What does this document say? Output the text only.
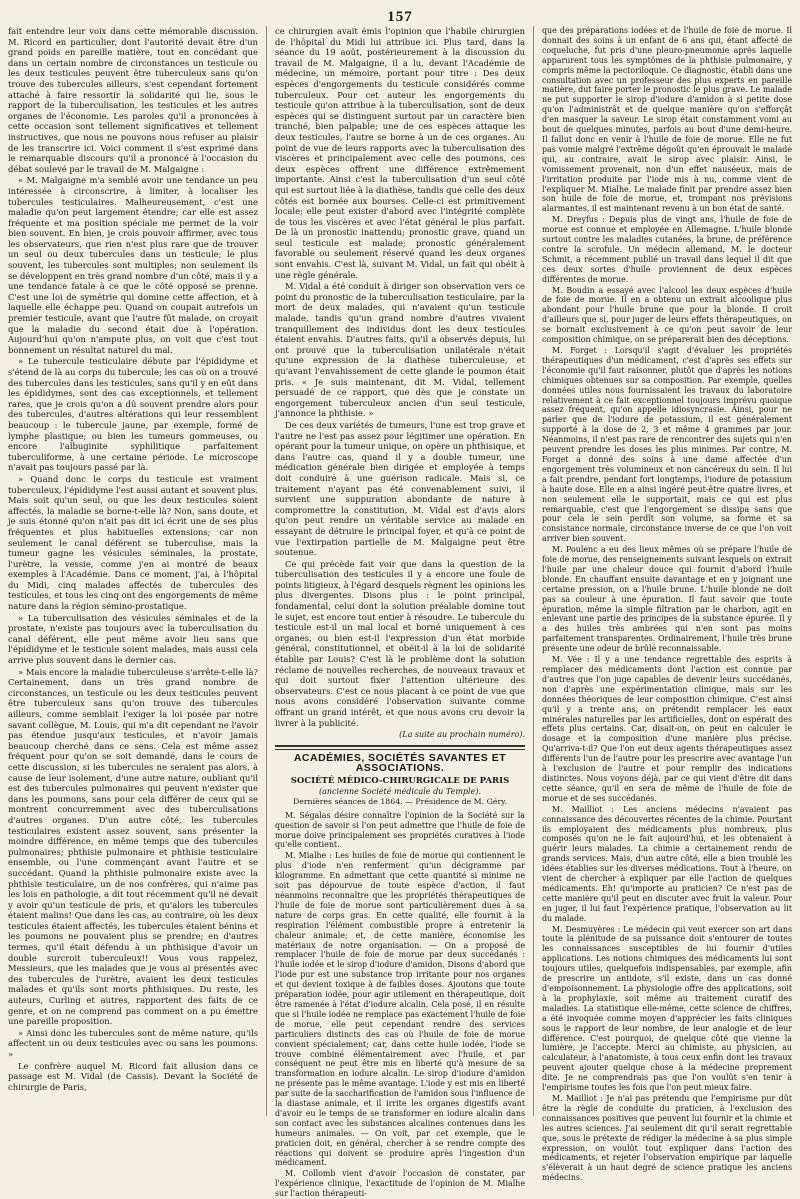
157

fait entendre leur voix dans cette mémorable discussion. M. Ricord en particulier, dont l'autorité devait être d'un grand poids en pareille matière, tout en concédant que dans un certain nombre de circonstances un testicule ou les deux testicules peuvent être tuberculeux sans qu'on trouve des tubercules ailleurs, s'est cependant fortement attaché à faire ressortir la solidarité qui lie, sous le rapport de la tuberculisation, les testicules et les autres organes de l'économie. Les paroles qu'il a prononcées à cette occasion sont tellement significatives et tellement instructives, que nous ne pouvons nous refuser au plaisir de les transcrire ici. Voici comment il s'est exprimé dans le remarquable discours qu'il a prononcé à l'occasion du débat soulevé par le travail de M. Malgaigne :

« M. Malgaigne m'a semblé avoir une tendance un peu intéressée à circonscrire, à limiter, à localiser les tubercules testiculaires. Malheureusement, c'est une maladie qu'on peut largement étendre; car elle est assez fréquente et ma position spéciale me permet de la voir bien souvent. En bien, je crois pouvoir affirmer, avec tous les observateurs, que rien n'est plus rare que de trouver un seul ou deux tubercules dans un testicule; le plus souvent, les tubercules sont multiples; non seulement ils se développent en très grand nombre d'un côté, mais il y a une tendance fatale à ce que le côté opposé se prenne. C'est une loi de symétrie qui domine cette affection, et à laquelle elle échappe peu. Quand on coupait autrefois un premier testicule, avant que l'autre fût malade, on croyait que la maladie du second était due à l'opération. Aujourd'hui qu'on n'ampute plus, on voit que c'est tout bonnement un résultat naturel du mal.

» Le tubercule testiculaire débute par l'épididyme et s'étend de là au corps du tubercule; les cas où on a trouvé des tubercules dans les testicules, sans qu'il y en eût dans les épididymes, sont des cas exceptionnels, et tellement rares, que je crois qu'on a dû souvent prendre alors pour des tubercules, d'autres altérations qui leur ressemblent beaucoup : le tubercule jaune, par exemple, formé de lymphe plastique; ou bien les tumeurs gommeuses, ou encore l'albuginite syphilitique parfaitement tuberculiforme, à une certaine période. Le microscope n'avait pas toujours passé par là.

» Quand donc le corps du testicule est vraiment tuberculeux, l'épididyme l'est aussi autant et souvent plus. Mais soit qu'un seul, ou que les deux testicules soient affectés, la maladie se borne-t-elle là? Non, sans doute, et je suis étonné qu'on n'ait pas dit ici écrit une de ses plus fréquentes et plus habituelles extensions; car non seulement le canal déférent se tuberculise, mais la tumeur gagne les vésicules séminales, la prostate, l'urètre, la vessie, comme j'en ai montré de beaux exemples à l'Académie. Dans ce moment, j'ai, à l'hôpital du Midi, cinq malades affectés de tubercules des testicules, et tous les cinq ont des engorgements de même nature dans la région sémino-prostatique.

» La tuberculisation des vésicules séminales et de la prostate, n'existe pas toujours avec la tuberculisation du canal déférent, elle peut même avoir lieu sans que l'épididyme et le testicule soient malades, mais aussi cela arrive plus souvent dans le dernier cas.

» Mais encore la maladie tuberculeuse s'arrête-t-elle là? Certainement, dans un très grand nombre de circonstances, un testicule ou les deux testicules peuvent être tuberculeux sans qu'on trouve des tubercules ailleurs, comme semblait l'exiger la loi posée par notre savant collègue, M. Louis, qui m'a dit cependant ne l'avoir pas étendue jusqu'aux testicules, et n'avoir jamais beaucoup cherché dans ce sens. Cela est même assez fréquent pour qu'on se soit demandé, dans le cours de cette discussion, si les tubercules ne seraient pas alors, à cause de leur isolement, d'une autre nature, oubliant qu'il est des tubercules pulmonaires qui peuvent n'exister que dans les poumons, sans pour cela différer de ceux qui se montrent concurremment avec des tuberculisations d'autres organes. D'un autre côté, les tubercules testiculaires existent assez souvent, sans présenter la moindre différence, en même temps que des tubercules pulmonaires; phthisie pulmonaire et phthisie testiculaire ensemble, ou l'une commençant avant l'autre et se succédant. Quand la phthisie pulmonaire existe avec la phthisie testiculaire, un de nos confrères, qui n'aime pas les lois en pathologie, a dit tout récemment qu'il ne devait y avoir qu'un testicule de pris, et qu'alors les tubercules étaient malins! Que dans les cas, au contraire, où les deux testicules étaient affectés, les tubercules étaient bénins et les poumons ne pouvaient plus se prendre; en d'autres termes, qu'il était défendu à un phthisique d'avoir un double surcroit tuberculeux!! Vous vous rappelez, Messieurs, que les malades que je vous ai présentés avec des tubercules de l'urètre, avaient les deux testicules malades et qu'ils sont morts phthisiques. Du reste, les auteurs, Curling et autres, rapportent des faits de ce genre, et on ne comprend pas comment on a pu émettre une pareille proposition.

» Ainsi donc les tubercules sont de même nature, qu'ils affectent un ou deux testicules avec ou sans les poumons. »

Le confrère auquel M. Ricord fait allusion dans ce passage est M. Vidal (de Cassis). Devant la Société de chirurgie de Paris,

ce chirurgien avait émis l'opinion que l'habile chirurgien de l'hôpital du Midi lui attribue ici. Plus tard, dans la séance du 19 août, postérieurement à la discussion du travail de M. Malgaigne, il a lu, devant l'Académie de médecine, un mémoire, portant pour titre : Des deux espèces d'engorgements du testicule considérés comme tuberculeux. Pour cet auteur les engorgements du testicule qu'on attribue à la tuberculisation, sont de deux espèces qui se distinguent surtout par un caractère bien tranché, bien palpable; une de ces espèces attaque les deux testicules, l'autre se borne à un de ces organes. Au point de vue de leurs rapports avec la tuberculisation des viscères et principalement avec celle des poumons, ces deux espèces offrent une différence extrêmement importante. Ainsi c'est la tuberculisation d'un seul côté qui est surtout liée à la diathèse, tandis que celle des deux côtés est bornée aux bourses. Celle-ci est primitivement locale; elle peut exister d'abord avec l'intégrité complète de tous les viscères et avec l'état général le plus parfait. De là un pronostic inattendu; pronostic grave, quand un seul testicule est malade; pronostic généralement favorable ou seulement réservé quand les deux organes sont envahis. C'est là, suivant M. Vidal, un fait qui obéit à une règle générale.

M. Vidal a été conduit à diriger son observation vers ce point du pronostic de la tuberculisation testiculaire, par la mort de deux malades, qui n'avaient qu'un testicule malade, tandis qu'un grand nombre d'autres vivaient tranquillement des individus dont les deux testicules étaient envahis. D'autres faits, qu'il a observés depuis, lui ont prouvé que la tuberculisation unilatérale n'était qu'une expression de la diathèse tuberculeuse, et qu'avant l'envahissement de cette glande le poumon était pris. « Je suis maintenant, dit M. Vidal, tellement persuadé de ce rapport, que dès que je constate un engorgement tuberculeux ancien d'un seul testicule, j'annonce la phthisie. »

De ces deux variétés de tumeurs, l'une est trop grave et l'autre ne l'est pas assez pour légitimer une opération. En opérant pour la tumeur unique, on opère un phthisique, et dans l'autre cas, quand il y a double tumeur, une médication générale bien dirigée et employée à temps doit conduire à une guérison radicale. Mais si, ce traitement n'ayant pas été convenablement suivi, il survient une suppuration abondante de nature à compromettre la constitution, M. Vidal est d'avis alors qu'on peut rendre un véritable service au malade en essayant de détruire le principal foyer, et qu'à ce point de vue l'extirpation partielle de M. Malgaigne peut être soutenue.

Ce qui précède fait voir que dans la question de la tuberculisation des testicules il y a encore une foule de points litigieux, à l'égard desquels règnent les opinions les plus divergentes. Disons plus : le point principal, fondamental, celui dont la solution préalable domine tout le sujet, est encore tout entier à résoudre. Le tubercule du testicule est-il un mal local et borné uniquement à ces organes, ou bien est-il l'expression d'un état morbide général, constitutionnel, et obéit-il à la loi de solidarité établie par Louis? C'est là le problème dont la solution réclame de nouvelles recherches, de nouveaux travaux et qui doit surtout fixer l'attention ultérieure des observateurs. C'est ce nous placant à ce point de vue que nous avons considéré l'observation suivante comme offrant un grand intérêt, et que nous avons cru devoir la livrer à la publicité.

(La suite au prochain numéro).
ACADÉMIES, SOCIÉTÉS SAVANTES ET ASSOCIATIONS.
SOCIÉTÉ MÉDICO-CHIRURGICALE DE PARIS
(ancienne Société médicale du Temple).
Dernières séances de 1864. — Présidence de M. Géry.

M. Ségalas désire connaître l'opinion de la Société sur la question de savoir si l'on peut admettre que l'huile de foie de morue doive principalement ses propriétés curatives à l'iode qu'elle contient.

M. Mialhe : Les huiles de foie de morue qui contiennent le plus d'iode n'en renferment qu'un décigramme par kilogramme. En admettant que cette quantité si minime ne soit pas dépourvue de toute espèce d'action, il faut néanmoins reconnaître que les propriétés thérapeutiques de l'huile de foie de morue sont particulièrement dues à sa nature de corps gras. En cette qualité, elle fournit à la respiration l'élément combustible propre à entretenir la chaleur animale; et, de cette manière, économise les matériaux de notre organisation. — On a proposé de remplacer l'huile de foie de morue par deux succédanés : l'huile iodée et le sirop d'iodure d'amidon. Disons d'abord que l'iode pur est une substance trop irritante pour nos organes et qui devient toxique à de faibles doses. Ajoutons que toute préparation iodée, pour agir utilement en thérapeutique, doit être ramenée à l'état d'iodure alcalin. Cela posé, il en résulte que si l'huile iodée ne remplace pas exactement l'huile de foie de morue, elle peut cependant rendre des services particuliers distincts des cas où l'huile de foie de morue convient spécialement; car, dans cette huile iodée, l'iode se trouve combiné élémentairement avec l'huile, et par conséquent ne peut être mis en liberté qu'à mesure de sa transformation en iodure alcalin. Le sirop d'iodure d'amidon ne présente pas le même avantage. L'iode y est mis en liberté par suite de la saccharification de l'amidon sous l'influence de la diastase animale, et il irrite les organes digestifs avant d'avoir eu le temps de se transformer en iodure alcalin dans son contact avec les substances alcalines contenues dans les humeurs animales. — On voit, par cet exemple, que le praticien doit, en général, chercher à se rendre compte des réactions qui doivent se produire après l'ingestion d'un médicament.

M. Collomb vient d'avoir l'occasion de constater, par l'expérience clinique, l'exactitude de l'opinion de M. Mialhe sur l'action thérapeuti-

que des préparations iodées et de l'huile de foie de morue. Il donnait des soins à un enfant de 6 ans qui, étant affecté de coqueluche, fut pris d'une pleuro-pneumonie après laquelle apparurent tous les symptômes de la phthisie pulmonaire, y compris même la pectoriloquie. Ce diagnostic, établi dans une consultation avec un professeur des plus experts en pareille matière, dut faire porter le pronostic le plus grave. Le malade ne put supporter le sirop d'iodure d'amidon à si petite dose qu'on l'administrât et de quelque manière qu'on s'efforçât d'en masquer la saveur. Le sirop était constamment vomi au bout de quelques minutes, parfois au bout d'une demi-heure. Il fallut donc en venir à l'huile de foie de morue. Elle ne fut pas vomie malgré l'extrême dégoût qu'en éprouvait le malade qui, au contraire, avait le sirop avec plaisir. Ainsi, le vomissement provenait, non d'un effet nauséeux, mais de l'irritation produite par l'iode mis à nu, comme vient de l'expliquer M. Mialhe. Le malade finit par prendre assez bien son huile de foie de morue, et, trompant nos prévisions alarmantes, il est maintenant revenu à un bon état de santé.

M. Dreyfus : Depuis plus de vingt ans, l'huile de foie de morue est connue et employée en Allemagne. L'huile blonde surtout contre les maladies cutanées, la brune, de préférence contre la scrofule. Un médecin allemand, M. le docteur Schmit, a récemment publié un travail dans lequel il dit que ces deux sortes d'huile proviennent de deux espèces différentes de morue.

M. Boudin a essayé avec l'alcool les deux espèces d'huile de foie de morue. Il en a obtenu un extrait alcoolique plus abondant pour l'huile brune que pour la blonde. Il croit d'ailleurs que si, pour juger de leurs effets thérapeutiques, on se bornait exclusivement à ce qu'on peut savoir de leur composition chimique, on se préparerait bien des déceptions.

M. Forget : Lorsqu'il s'agit d'évaluer les propriétés thérapeutiques d'un médicament, c'est d'après ses effets sur l'économie qu'il faut raisonner, plutôt que d'après les notions chimiques obtenues sur sa composition. Par exemple, quelles données utiles nous fournissaient les travaux du laboratoire relativement à ce fait exceptionnel toujours imprévu quoique assez fréquent, qu'on appelle idiosyncrasie. Ainsi, pour ne parler que de l'iodure de potassium, il est généralement supporté à la dose de 2, 3 et même 4 grammes par jour. Néanmoins, il n'est pas rare de rencontrer des sujets qui n'en peuvent prendre les doses les plus minimes. Par contre, M. Forget a donné des soins à une dame affectée d'un engorgement très volumineux et non cancéreux du sein. Il lui a fait prendre, pendant fort longtemps, l'iodure de potassium à haute dose. Elle en a ainsi ingéré peut-être quatre livres, et non seulement elle le supportait, mais ce qui est plus remarquable, c'est que l'engorgement se dissipa sans que pour cela le sein perdît son volume, sa forme et sa consistance normale, circonstance inverse de ce que l'on voit arriver bien souvent.

M. Poulenc a eu des lieux mêmes où se prépare l'huile de foie de morue, des renseignements suivant lesquels on extrait l'huile par une chaleur douce qui fournit d'abord l'huile blonde. En chauffant ensuite davantage et en y joignant une certaine pression, on a l'huile brune. L'huile blonde ne doit pas sa couleur à une épuration. Il faut savoir que toute épuration, même la simple filtration par le charbon, agit en enlevant une partie des principes de la substance épurée. Il y a des huiles très ambrées qui n'en sont pas moins parfaitement transparentes. Ordinairement, l'huile très brune présente une odeur de brûlé reconnaissable.

M. Vée : Il y a une tendance regrettable des esprits à remplacer des médicaments dont l'action est connue par d'autres que l'on juge capables de devenir leurs succédanés, non d'après une expérimentation clinique, mais sur les données théoriques de leur composition chimique. C'est ainsi qu'il y a trente ans, on prétendit remplacer les eaux minérales naturelles par les artificielles, dont on espérait des effets plus certains. Car, disait-on, on peut en calculer le dosage et la composition d'une manière plus précise. Qu'arriva-t-il? Que l'on eut deux agents thérapeutiques assez différents l'un de l'autre pour les prescrire avec avantage l'un à l'exclusion de l'autre et pour remplir des indications distinctes. Nous voyons déjà, par ce qui vient d'être dit dans cette séance, qu'il en sera de même de l'huile de foie de morue et de ses succédanés.

M. Mailliot : Les anciens médecins n'avaient pas connaissance des découvertes récentes de la chimie. Pourtant ils employaient des médicaments plus nombreux, plus composés qu'on ne le fait aujourd'hui, et les obtenaient à guérir leurs malades. La chimie a certainement rendu de grands services. Mais, d'un autre côté, elle a bien troublé les idées établies sur les diverses médications. Tout à l'heure, on vient de chercher à expliquer par elle l'action de quelques médicaments. Eh! qu'importe au praticien? Ce n'est pas de cette manière qu'il peut en discuter avec fruit la valeur. Pour en juger, il lui faut l'expérience pratique, l'observation au lit du malade.

M. Desmuyères : Le médecin qui veut exercer son art dans toute la plénitude de sa puissance doit s'entourer de toutes les connaissances susceptibles de lui fournir d'utiles applications. Les notions chimiques des médicaments lui sont toujours utiles, quelquefois indispensables, par exemple, afin de prescrire un antidote, s'il existe, dans un cas donné d'empoisonnement. La physiologie offre des applications, soit à la prophylaxie, soit même au traitement curatif des maladies. La statistique elle-même, cette science de chiffres, a été invoquée comme moyen d'apprécier les faits cliniques sous le rapport de leur nombre, de leur analogie et de leur différence. C'est pourquoi, de quelque côté que vienne la lumière, je l'accepte. Merci au chimiste, au physicien, au calculateur, à l'anatomiste, à tous ceux enfin dont les travaux peuvent ajouter quelque chose à la médecine proprement dite. Je ne comprendrais pas que l'on voulût s'en tenir à l'empirisme toutes les fois que l'on peut mieux faire.

M. Mailliot : Je n'ai pas prétendu que l'empirisme pur dût être la règle de conduite du praticien, à l'exclusion des connaissances positives que peuvent lui fournir et la chimie et les autres sciences. J'ai seulement dit qu'il serait regrettable que, sous le prétexte de rédiger la médecine à sa plus simple expression, on voulût tout expliquer dans l'action des médicaments, et rejeter l'observation empirique par laquelle s'élèverait à un haut degré de science pratique les anciens médecins.
